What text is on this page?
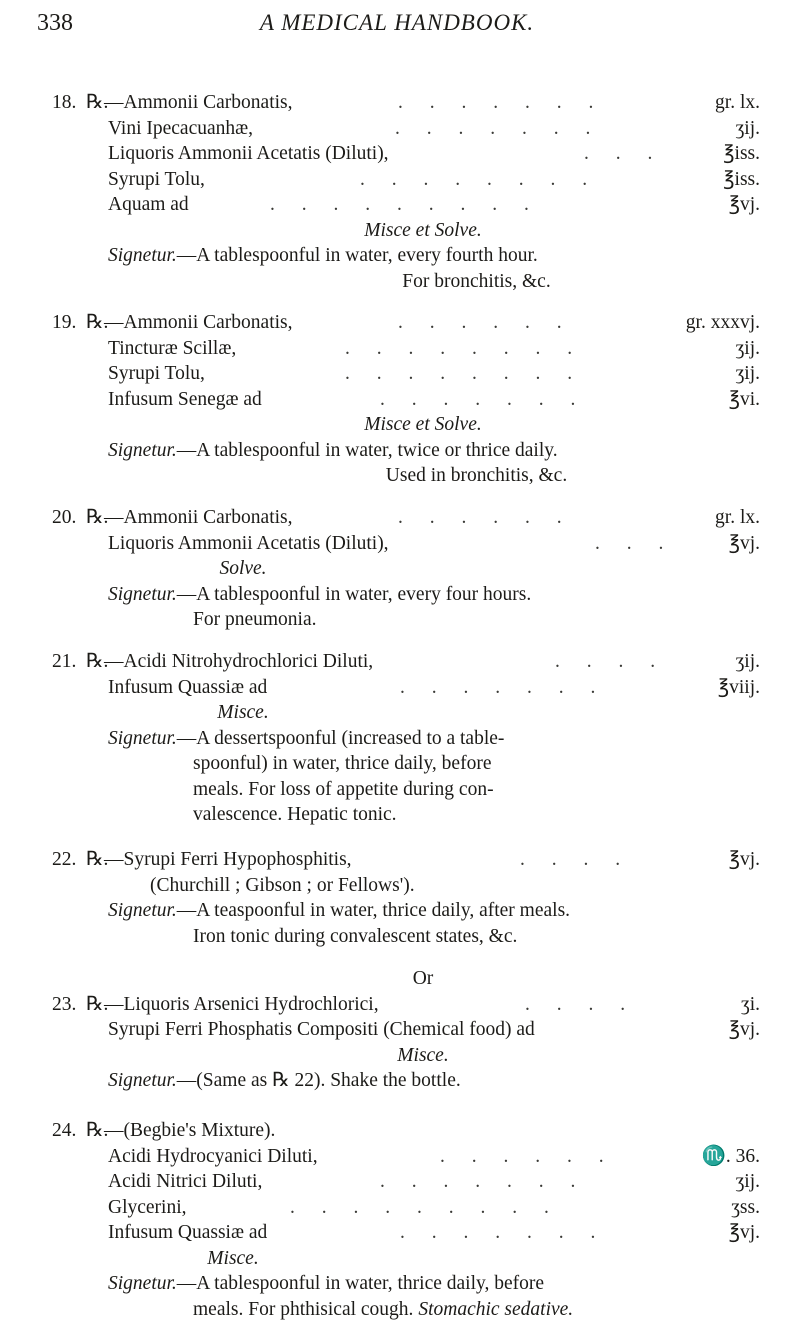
338	A MEDICAL HANDBOOK.
18. ℞.
—Ammonii Carbonatis,	. . . . . . .	gr. lx.
Vini Ipecacuanhæ,	. . . . . . .	ʒij.
Liquoris Ammonii Acetatis (Diluti),	. . .	℥iss.
Syrupi Tolu,	. . . . . . . .	℥iss.
Aquam ad	. . . . . . . . .	℥vj.
Misce et Solve.
Signetur.—A tablespoonful in water, every fourth hour.
For bronchitis, &c.
19. ℞.
—Ammonii Carbonatis,	. . . . . .	gr. xxxvj.
Tincturæ Scillæ,	. . . . . . . .	ʒij.
Syrupi Tolu,	. . . . . . . .	ʒij.
Infusum Senegæ ad	. . . . . . .	℥vi.
Misce et Solve.
Signetur.—A tablespoonful in water, twice or thrice daily.
Used in bronchitis, &c.
20. ℞.
—Ammonii Carbonatis,	. . . . . .	gr. lx.
Liquoris Ammonii Acetatis (Diluti),	. . .	℥vj.
Solve.
Signetur.—A tablespoonful in water, every four hours.
For pneumonia.
21. ℞.
—Acidi Nitrohydrochlorici Diluti,	. . . .	ʒij.
Infusum Quassiæ ad	. . . . . . .	℥viij.
Misce.
Signetur.—A dessertspoonful (increased to a table-
spoonful) in water, thrice daily, before
meals. For loss of appetite during con-
valescence. Hepatic tonic.
22. ℞.
—Syrupi Ferri Hypophosphitis,	. . . .	℥vj.
(Churchill ; Gibson ; or Fellows').
Signetur.—A teaspoonful in water, thrice daily, after meals.
Iron tonic during convalescent states, &c.
Or
23. ℞.
—Liquoris Arsenici Hydrochlorici,	. . . .	ʒi.
Syrupi Ferri Phosphatis Compositi (Chemical food) ad	℥vj.
Misce.
Signetur.—(Same as ℞ 22). Shake the bottle.
24. ℞.
—(Begbie's Mixture).
Acidi Hydrocyanici Diluti,	. . . . . .	♏. 36.
Acidi Nitrici Diluti,	. . . . . . .	ʒij.
Glycerini,	. . . . . . . . .	ʒss.
Infusum Quassiæ ad	. . . . . . .	℥vj.
Misce.
Signetur.—A tablespoonful in water, thrice daily, before
meals. For phthisical cough. Stomachic sedative.
